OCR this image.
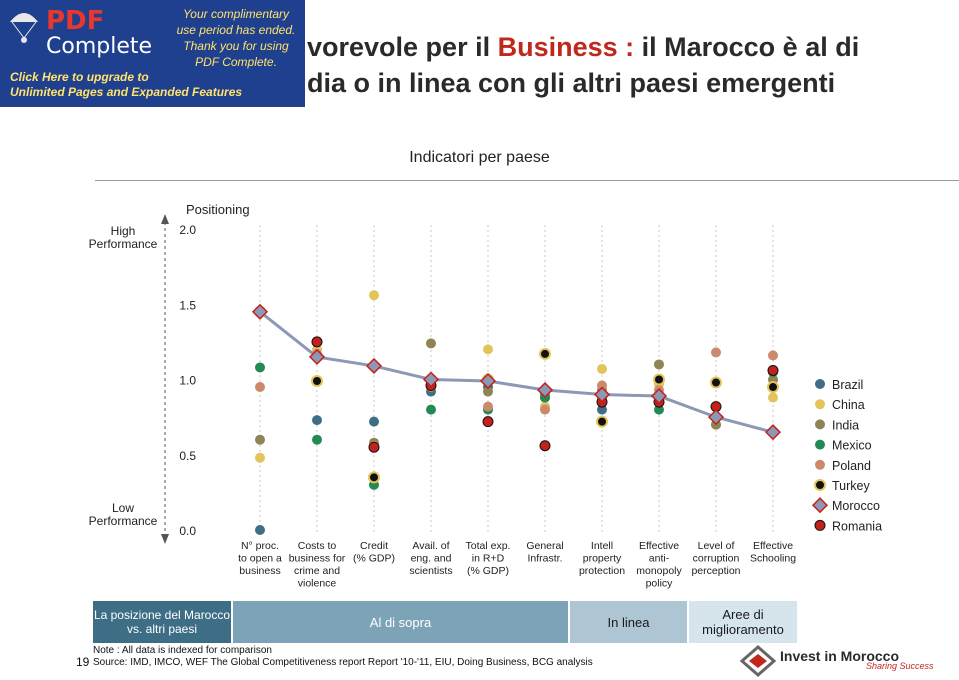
PDF
Complete
Your complimentary
use period has ended.
Thank you for using
PDF Complete.
Click Here to upgrade to
Unlimited Pages and Expanded Features
vorevole per il Business : il Marocco è al di
dia o in linea con gli altri paesi emergenti
Indicatori per paese
Positioning
2.0
1.5
1.0
0.5
0.0
High
Performance
Low
Performance
N° proc.
to open a
business
Costs to
business for
crime and
violence
Credit
(% GDP)
Avail. of
eng. and
scientists
Total exp.
in R+D
(% GDP)
General
Infrastr.
Intell
property
protection
Effective
anti-
monopoly
policy
Level of
corruption
perception
Effective
Schooling
Brazil
China
India
Mexico
Poland
Turkey
Morocco
Romania
La posizione del Marocco vs. altri paesi	Al di sopra	In linea	Aree di miglioramento
Note : All data is indexed for comparison
Source: IMD, IMCO, WEF The Global Competitiveness report Report '10-'11, EIU, Doing Business, BCG analysis
19	Invest in Morocco
Sharing Success
